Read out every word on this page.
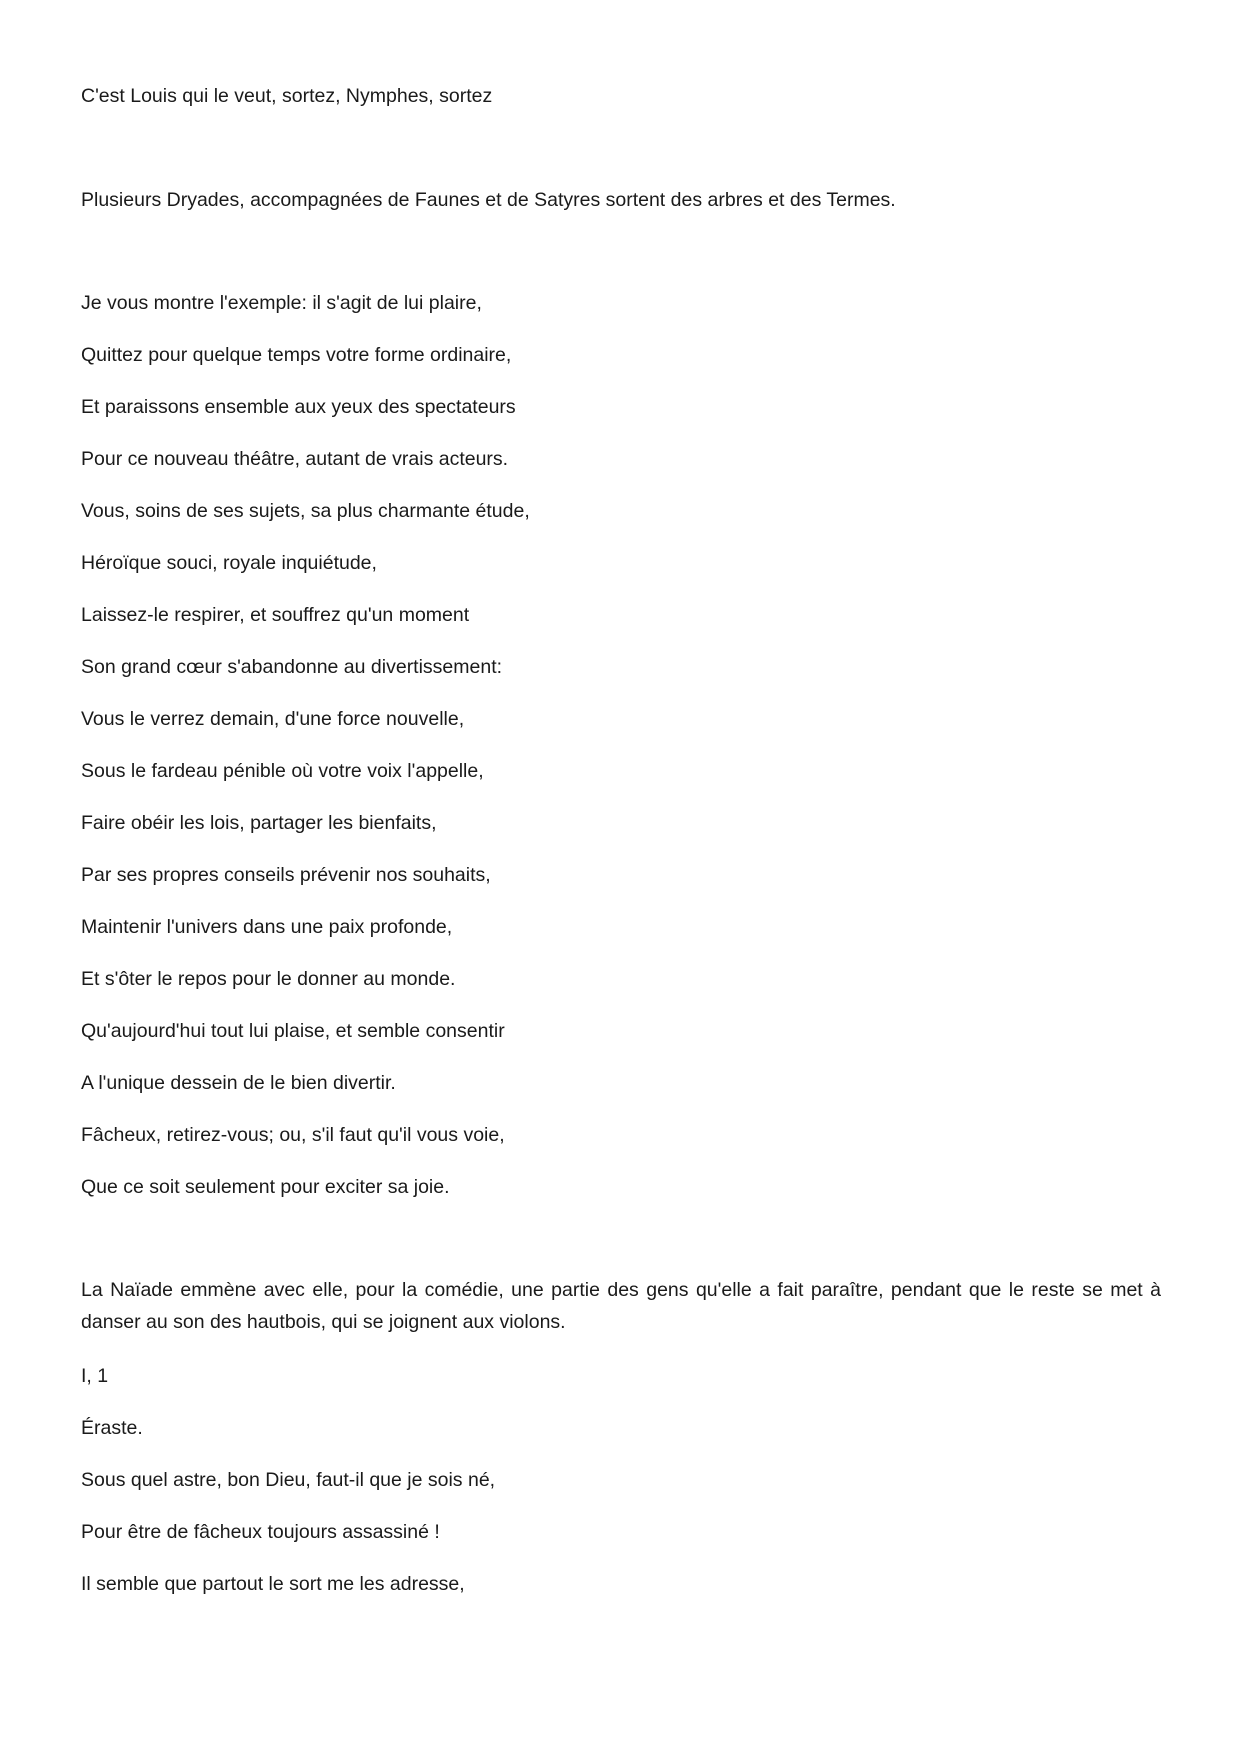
C'est Louis qui le veut, sortez, Nymphes, sortez
Plusieurs Dryades, accompagnées de Faunes et de Satyres sortent des arbres et des Termes.
Je vous montre l'exemple: il s'agit de lui plaire,
Quittez pour quelque temps votre forme ordinaire,
Et paraissons ensemble aux yeux des spectateurs
Pour ce nouveau théâtre, autant de vrais acteurs.
Vous, soins de ses sujets, sa plus charmante étude,
Héroïque souci, royale inquiétude,
Laissez-le respirer, et souffrez qu'un moment
Son grand cœur s'abandonne au divertissement:
Vous le verrez demain, d'une force nouvelle,
Sous le fardeau pénible où votre voix l'appelle,
Faire obéir les lois, partager les bienfaits,
Par ses propres conseils prévenir nos souhaits,
Maintenir l'univers dans une paix profonde,
Et s'ôter le repos pour le donner au monde.
Qu'aujourd'hui tout lui plaise, et semble consentir
A l'unique dessein de le bien divertir.
Fâcheux, retirez-vous; ou, s'il faut qu'il vous voie,
Que ce soit seulement pour exciter sa joie.
La Naïade emmène avec elle, pour la comédie, une partie des gens qu'elle a fait paraître, pendant que le reste se met à danser au son des hautbois, qui se joignent aux violons.
I, 1
Éraste.
Sous quel astre, bon Dieu, faut-il que je sois né,
Pour être de fâcheux toujours assassiné !
Il semble que partout le sort me les adresse,
